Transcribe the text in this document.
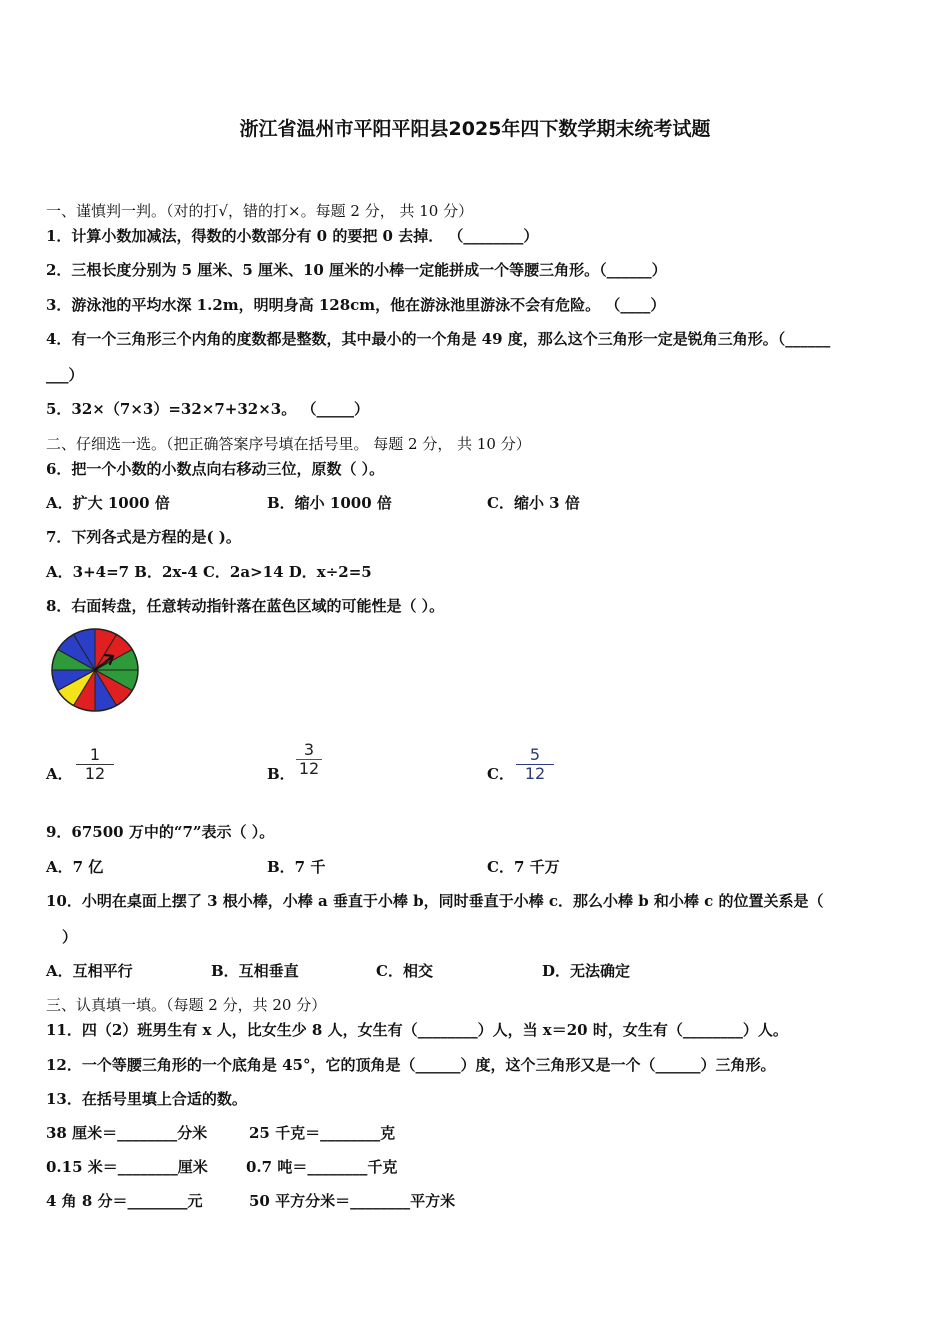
浙江省温州市平阳平阳县2025年四下数学期末统考试题
一、谨慎判一判。（对的打√，错的打×。每题 2 分， 共 10 分）
1．计算小数加减法，得数的小数部分有 0 的要把 0 去掉． （________）
2．三根长度分别为 5 厘米、5 厘米、10 厘米的小棒一定能拼成一个等腰三角形。（______）
3．游泳池的平均水深 1.2m，明明身高 128cm，他在游泳池里游泳不会有危险。 （____）
4．有一个三角形三个内角的度数都是整数，其中最小的一个角是 49 度，那么这个三角形一定是锐角三角形。（______
___）
5．32×（7×3）=32×7+32×3。 （_____）
二、仔细选一选。（把正确答案序号填在括号里。 每题 2 分， 共 10 分）
6．把一个小数的小数点向右移动三位，原数（ ）。
A．扩大 1000 倍	B．缩小 1000 倍	C．缩小 3 倍
7．下列各式是方程的是( )。
A．3+4=7 B．2x-4 C．2a>14 D．x÷2=5
8．右面转盘，任意转动指针落在蓝色区域的可能性是（ ）。
A． $\frac{1}{12}$	B． $\frac{3}{12}$	C． $\frac{5}{12}$
9．67500 万中的“7”表示（ ）。
A．7 亿	B．7 千	C．7 千万
10．小明在桌面上摆了 3 根小棒，小棒 a 垂直于小棒 b，同时垂直于小棒 c．那么小棒 b 和小棒 c 的位置关系是（
）
A．互相平行	B．互相垂直	C．相交	D．无法确定
三、认真填一填。（每题 2 分，共 20 分）
11．四（2）班男生有 x 人，比女生少 8 人，女生有（________）人，当 x＝20 时，女生有（________）人。
12．一个等腰三角形的一个底角是 45°，它的顶角是（______）度，这个三角形又是一个（______）三角形。
13．在括号里填上合适的数。
38 厘米＝________分米	25 千克＝________克
0.15 米＝________厘米	0.7 吨＝________千克
4 角 8 分＝________元	50 平方分米＝________平方米
